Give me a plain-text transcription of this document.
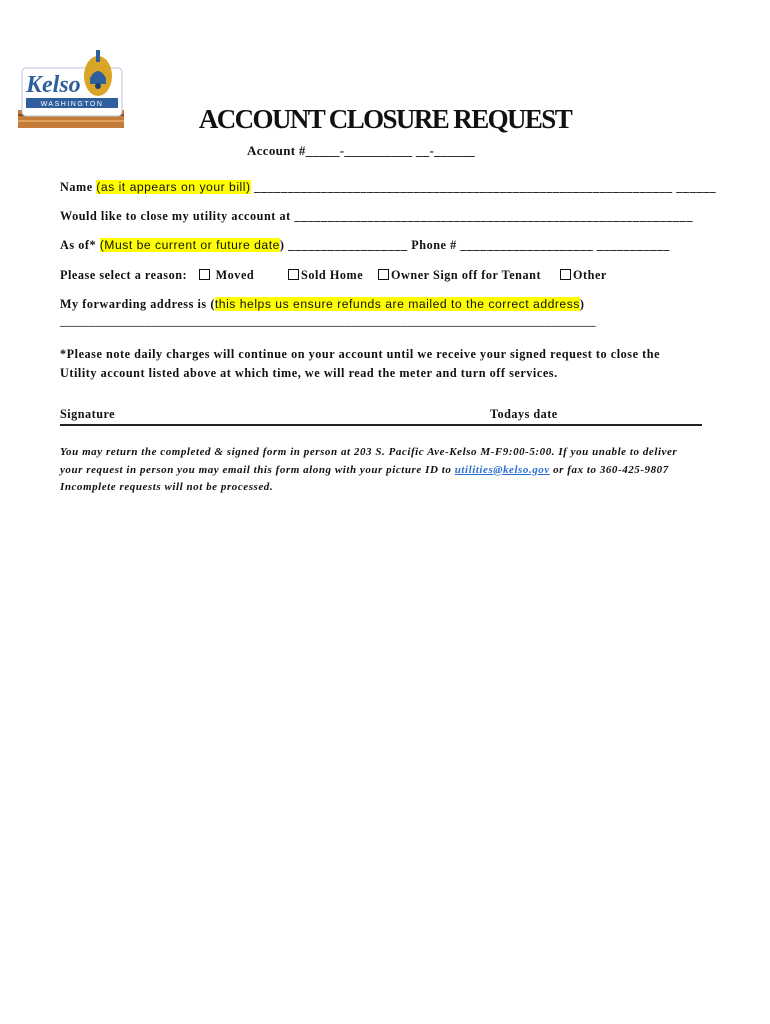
Kelso
WASHINGTON	ACCOUNT CLOSURE REQUEST
Account #_____-__________ __-______
Name (as it appears on your bill) _______________________________________________________________ ______
Would like to close my utility account at ____________________________________________________________
As of* (Must be current or future date) __________________ Phone # ____________________ ___________
Please select a reason:	Moved	Sold Home	Owner Sign off for Tenant	Other
My forwarding address is (this helps us ensure refunds are mailed to the correct address)
______________________________________________________________________________________________
*Please note daily charges will continue on your account until we receive your signed request to close the
Utility account listed above at which time, we will read the meter and turn off services.
Signature	Todays date
You may return the completed & signed form in person at 203 S. Pacific Ave-Kelso M-F9:00-5:00. If you unable to deliver
your request in person you may email this form along with your picture ID to utilities@kelso.gov or fax to 360-425-9807
Incomplete requests will not be processed.
